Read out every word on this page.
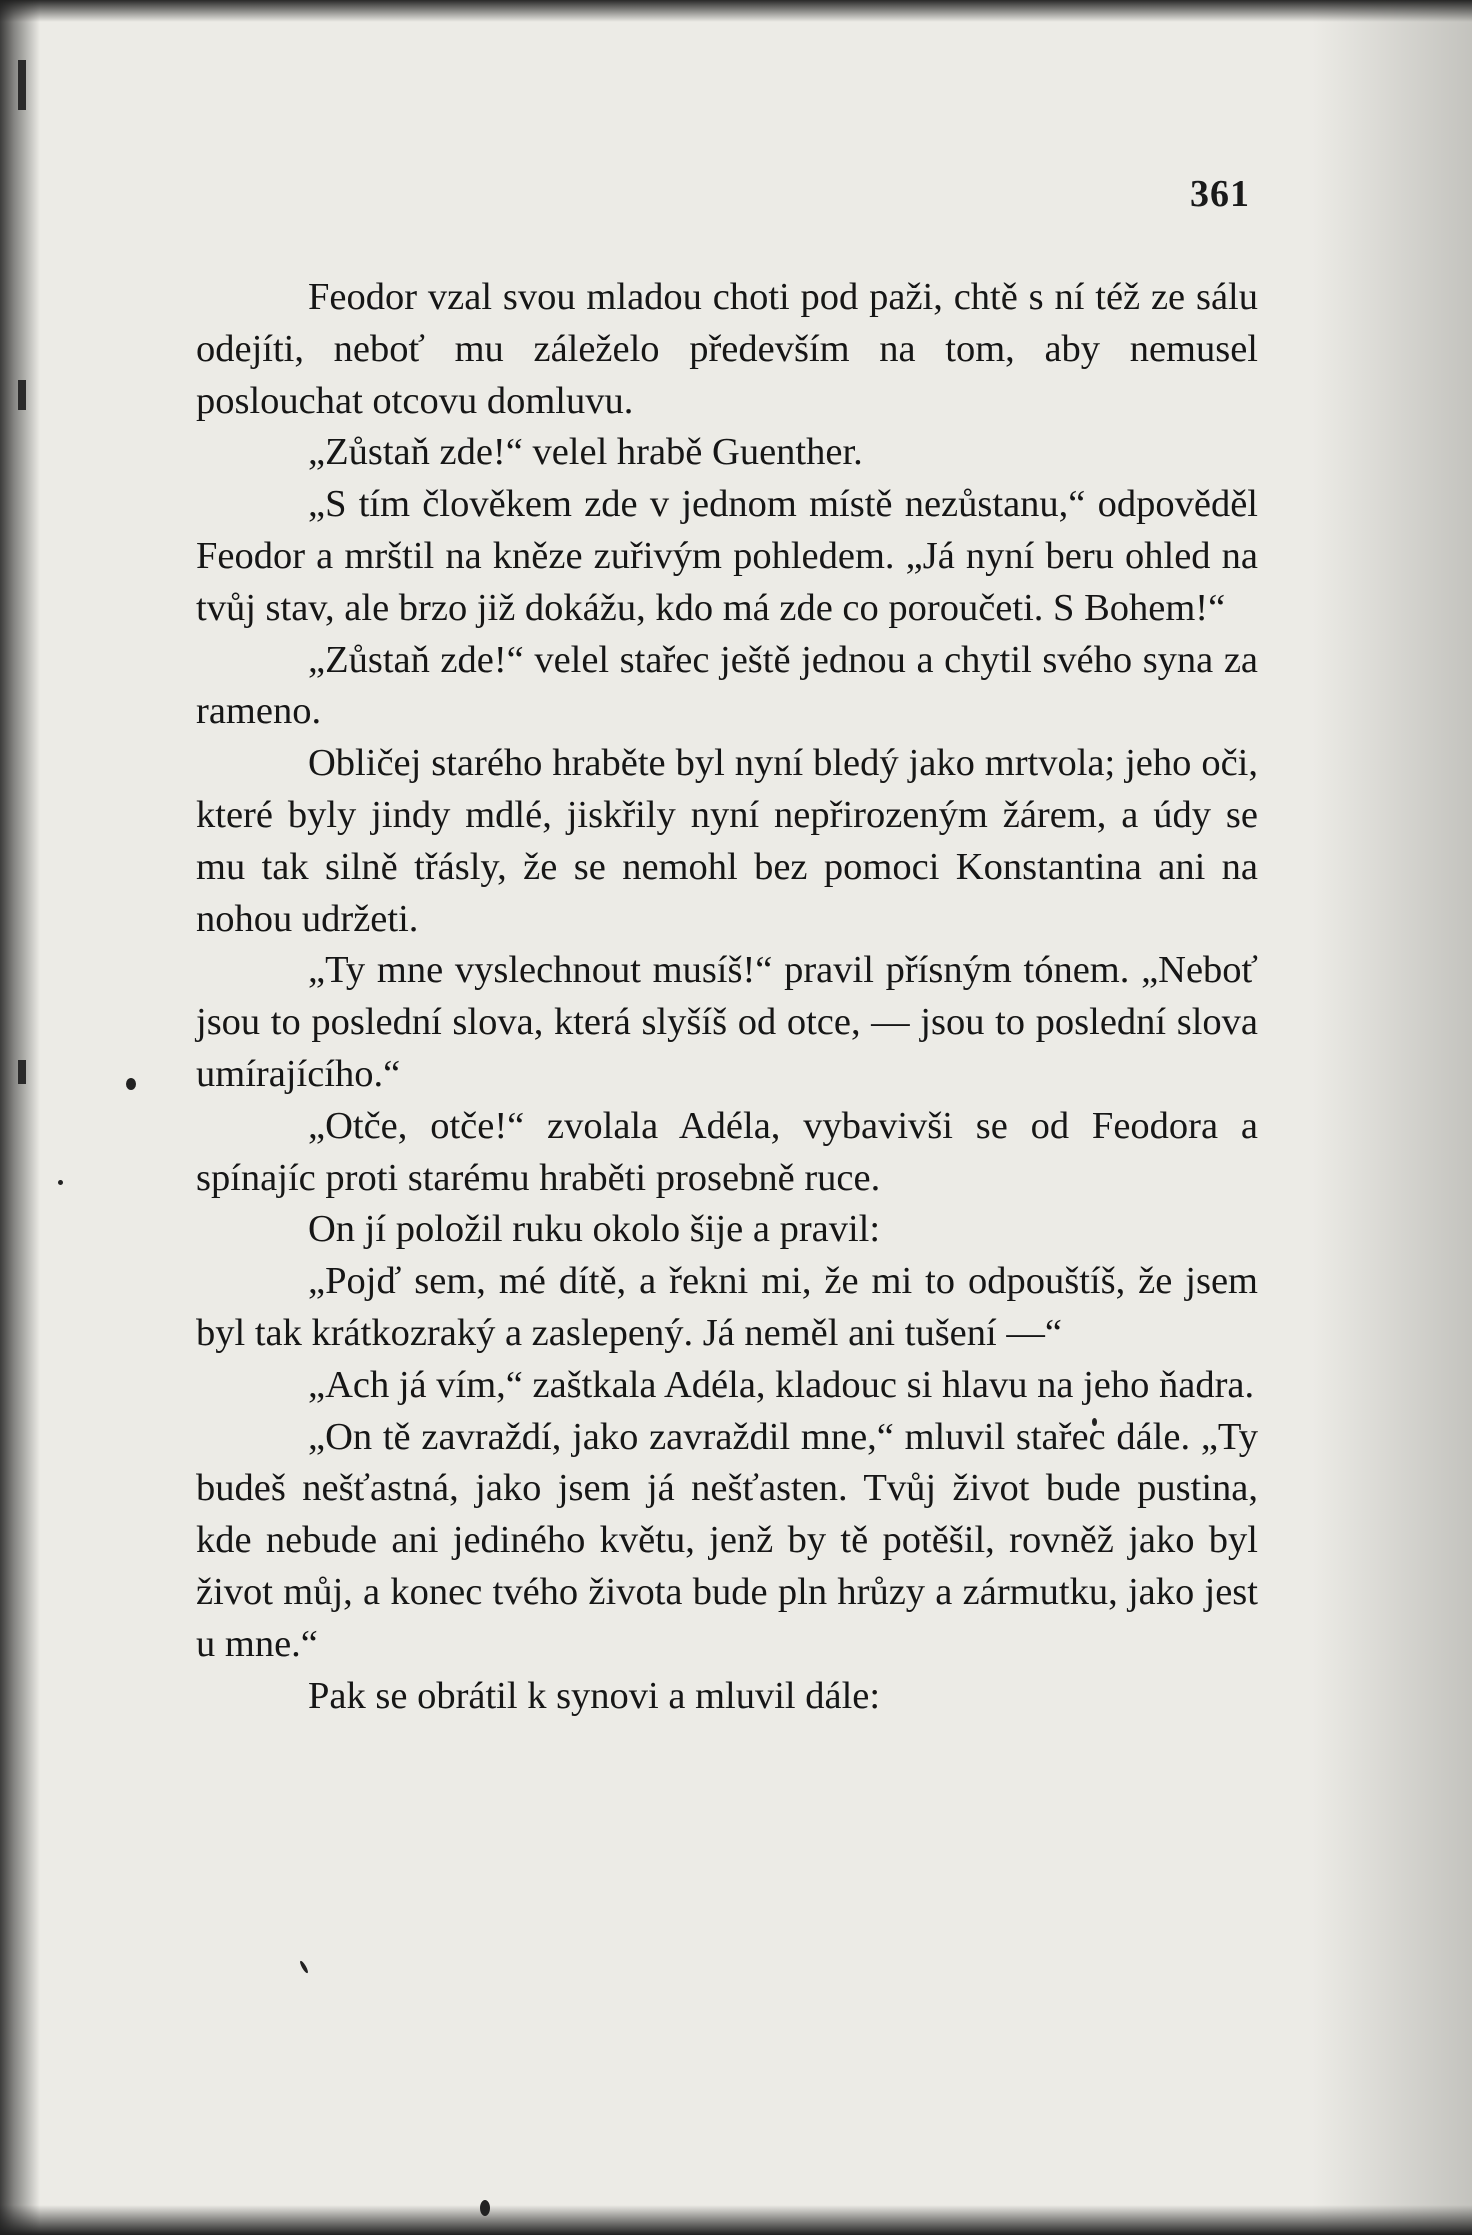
361

Feodor vzal svou mladou choti pod paži, chtě s ní též ze sálu odejíti, neboť mu záleželo především na tom, aby nemusel poslouchat otcovu domluvu.

„Zůstaň zde!“ velel hrabě Guenther.

„S tím člověkem zde v jednom místě nezůstanu,“ odpověděl Feodor a mrštil na kněze zuřivým pohledem. „Já nyní beru ohled na tvůj stav, ale brzo již dokážu, kdo má zde co poroučeti. S Bohem!“

„Zůstaň zde!“ velel stařec ještě jednou a chytil svého syna za rameno.

Obličej starého hraběte byl nyní bledý jako mrtvola; jeho oči, které byly jindy mdlé, jiskřily nyní nepřirozeným žárem, a údy se mu tak silně třásly, že se nemohl bez pomoci Konstantina ani na nohou udržeti.

„Ty mne vyslechnout musíš!“ pravil přísným tónem. „Neboť jsou to poslední slova, která slyšíš od otce, — jsou to poslední slova umírajícího.“

„Otče, otče!“ zvolala Adéla, vybavivši se od Feodora a spínajíc proti starému hraběti prosebně ruce.

On jí položil ruku okolo šije a pravil:

„Pojď sem, mé dítě, a řekni mi, že mi to odpouštíš, že jsem byl tak krátkozraký a zaslepený. Já neměl ani tušení —“

„Ach já vím,“ zaštkala Adéla, kladouc si hlavu na jeho ňadra.

„On tě zavraždí, jako zavraždil mne,“ mluvil stařec dále. „Ty budeš nešťastná, jako jsem já nešťasten. Tvůj život bude pustina, kde nebude ani jediného květu, jenž by tě potěšil, rovněž jako byl život můj, a konec tvého života bude pln hrůzy a zármutku, jako jest u mne.“

Pak se obrátil k synovi a mluvil dále:
